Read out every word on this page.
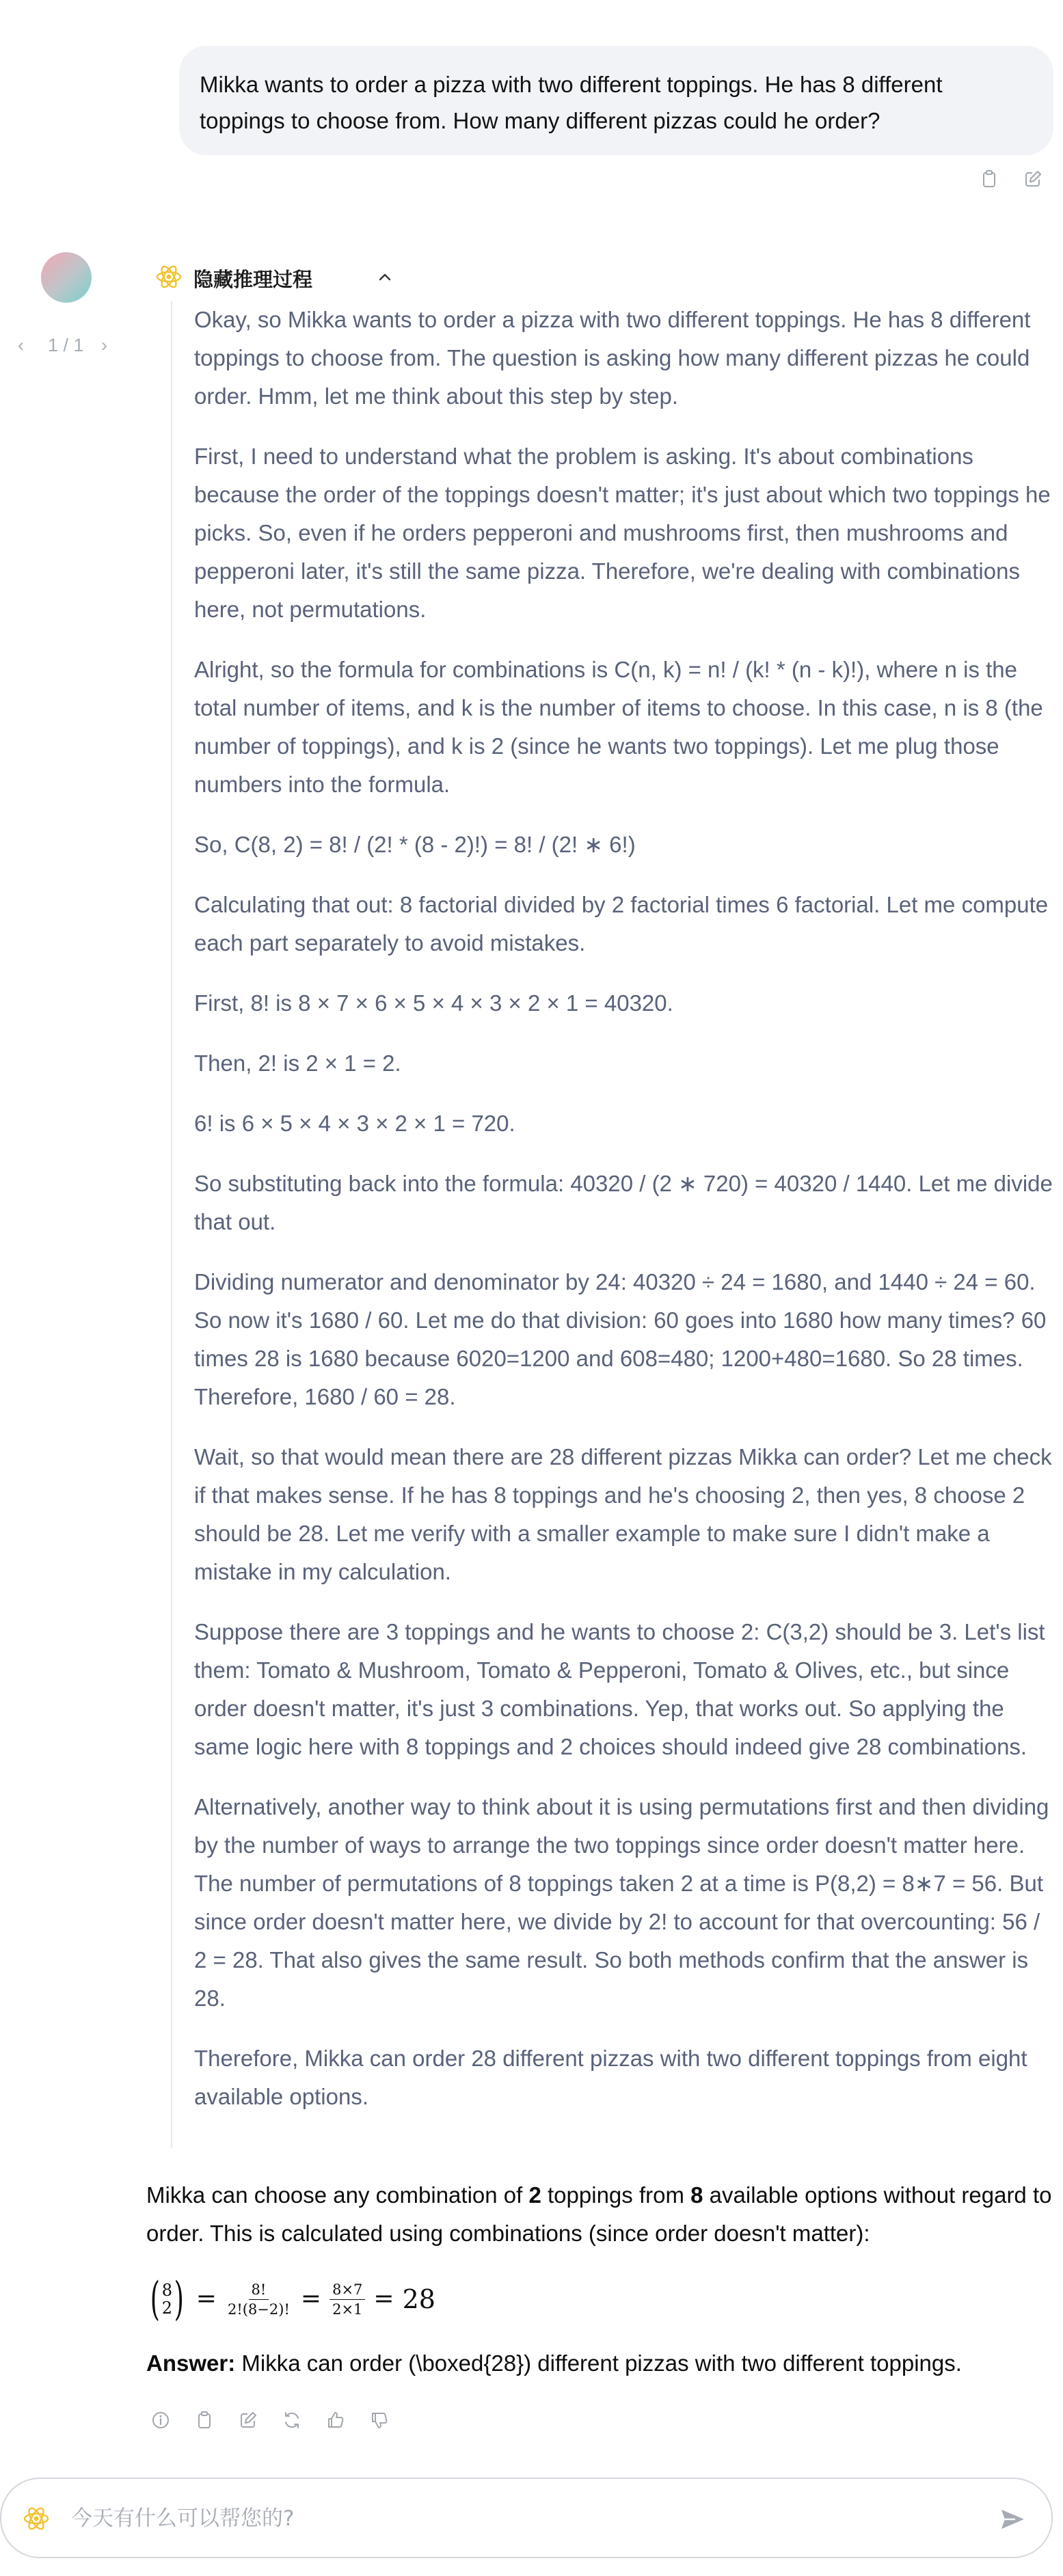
Mikka wants to order a pizza with two different toppings. He has 8 different toppings to choose from. How many different pizzas could he order?
‹ 1 / 1 ›
隐藏推理过程

Okay, so Mikka wants to order a pizza with two different toppings. He has 8 different toppings to choose from. The question is asking how many different pizzas he could order. Hmm, let me think about this step by step.

First, I need to understand what the problem is asking. It's about combinations because the order of the toppings doesn't matter; it's just about which two toppings he picks. So, even if he orders pepperoni and mushrooms first, then mushrooms and pepperoni later, it's still the same pizza. Therefore, we're dealing with combinations here, not permutations.

Alright, so the formula for combinations is C(n, k) = n! / (k! * (n - k)!), where n is the total number of items, and k is the number of items to choose. In this case, n is 8 (the number of toppings), and k is 2 (since he wants two toppings). Let me plug those numbers into the formula.

So, C(8, 2) = 8! / (2! * (8 - 2)!) = 8! / (2! ∗ 6!)

Calculating that out: 8 factorial divided by 2 factorial times 6 factorial. Let me compute each part separately to avoid mistakes.

First, 8! is 8 × 7 × 6 × 5 × 4 × 3 × 2 × 1 = 40320.

Then, 2! is 2 × 1 = 2.

6! is 6 × 5 × 4 × 3 × 2 × 1 = 720.

So substituting back into the formula: 40320 / (2 ∗ 720) = 40320 / 1440. Let me divide that out.

Dividing numerator and denominator by 24: 40320 ÷ 24 = 1680, and 1440 ÷ 24 = 60. So now it's 1680 / 60. Let me do that division: 60 goes into 1680 how many times? 60 times 28 is 1680 because 6020=1200 and 608=480; 1200+480=1680. So 28 times. Therefore, 1680 / 60 = 28.

Wait, so that would mean there are 28 different pizzas Mikka can order? Let me check if that makes sense. If he has 8 toppings and he's choosing 2, then yes, 8 choose 2 should be 28. Let me verify with a smaller example to make sure I didn't make a mistake in my calculation.

Suppose there are 3 toppings and he wants to choose 2: C(3,2) should be 3. Let's list them: Tomato & Mushroom, Tomato & Pepperoni, Tomato & Olives, etc., but since order doesn't matter, it's just 3 combinations. Yep, that works out. So applying the same logic here with 8 toppings and 2 choices should indeed give 28 combinations.

Alternatively, another way to think about it is using permutations first and then dividing by the number of ways to arrange the two toppings since order doesn't matter here. The number of permutations of 8 toppings taken 2 at a time is P(8,2) = 8∗7 = 56. But since order doesn't matter here, we divide by 2! to account for that overcounting: 56 / 2 = 28. That also gives the same result. So both methods confirm that the answer is 28.

Therefore, Mikka can order 28 different pizzas with two different toppings from eight available options.

Mikka can choose any combination of 2 toppings from 8 available options without regard to order. This is calculated using combinations (since order doesn't matter):

( 8
2 ) = $\frac{8!}{2!(8-2)!} = \frac{8\times 7}{2\times 1} = 28$

Answer: Mikka can order (\boxed{28}) different pizzas with two different toppings.

今天有什么可以帮您的?
